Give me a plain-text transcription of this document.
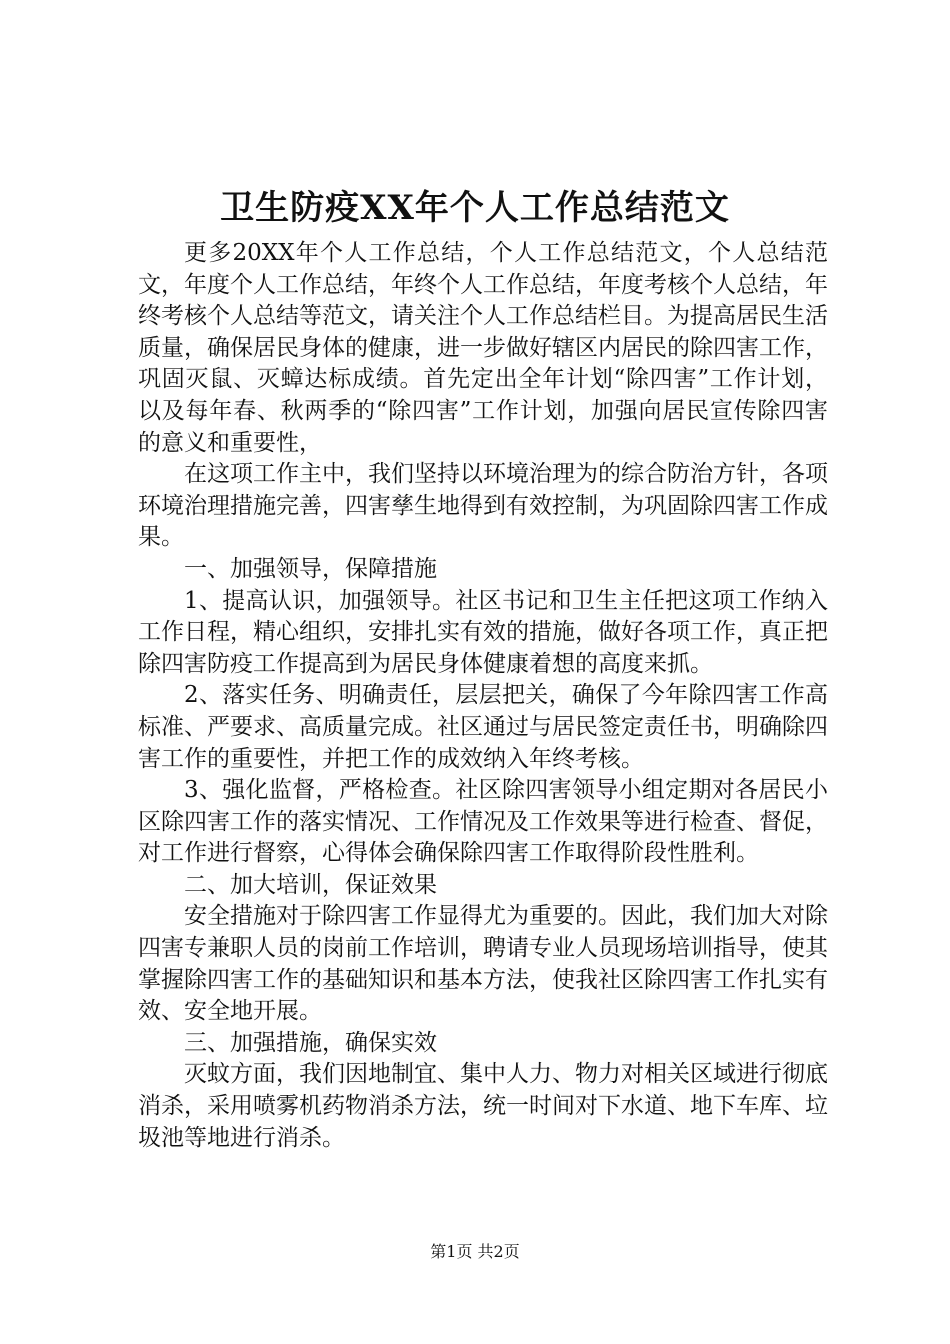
卫生防疫XX年个人工作总结范文

更多20XX年个人工作总结，个人工作总结范文，个人总结范文，年度个人工作总结，年终个人工作总结，年度考核个人总结，年终考核个人总结等范文，请关注个人工作总结栏目。为提高居民生活质量，确保居民身体的健康，进一步做好辖区内居民的除四害工作，巩固灭鼠、灭蟑达标成绩。首先定出全年计划“除四害”工作计划，以及每年春、秋两季的“除四害”工作计划，加强向居民宣传除四害的意义和重要性，

在这项工作主中，我们坚持以环境治理为的综合防治方针，各项环境治理措施完善，四害孳生地得到有效控制，为巩固除四害工作成果。

一、加强领导，保障措施

1、提高认识，加强领导。社区书记和卫生主任把这项工作纳入工作日程，精心组织，安排扎实有效的措施，做好各项工作，真正把除四害防疫工作提高到为居民身体健康着想的高度来抓。

2、落实任务、明确责任，层层把关，确保了今年除四害工作高标准、严要求、高质量完成。社区通过与居民签定责任书，明确除四害工作的重要性，并把工作的成效纳入年终考核。

3、强化监督，严格检查。社区除四害领导小组定期对各居民小区除四害工作的落实情况、工作情况及工作效果等进行检查、督促，对工作进行督察，心得体会确保除四害工作取得阶段性胜利。

二、加大培训，保证效果

安全措施对于除四害工作显得尤为重要的。因此，我们加大对除四害专兼职人员的岗前工作培训，聘请专业人员现场培训指导，使其掌握除四害工作的基础知识和基本方法，使我社区除四害工作扎实有效、安全地开展。

三、加强措施，确保实效

灭蚊方面，我们因地制宜、集中人力、物力对相关区域进行彻底消杀，采用喷雾机药物消杀方法，统一时间对下水道、地下车库、垃圾池等地进行消杀。

第1页 共2页
